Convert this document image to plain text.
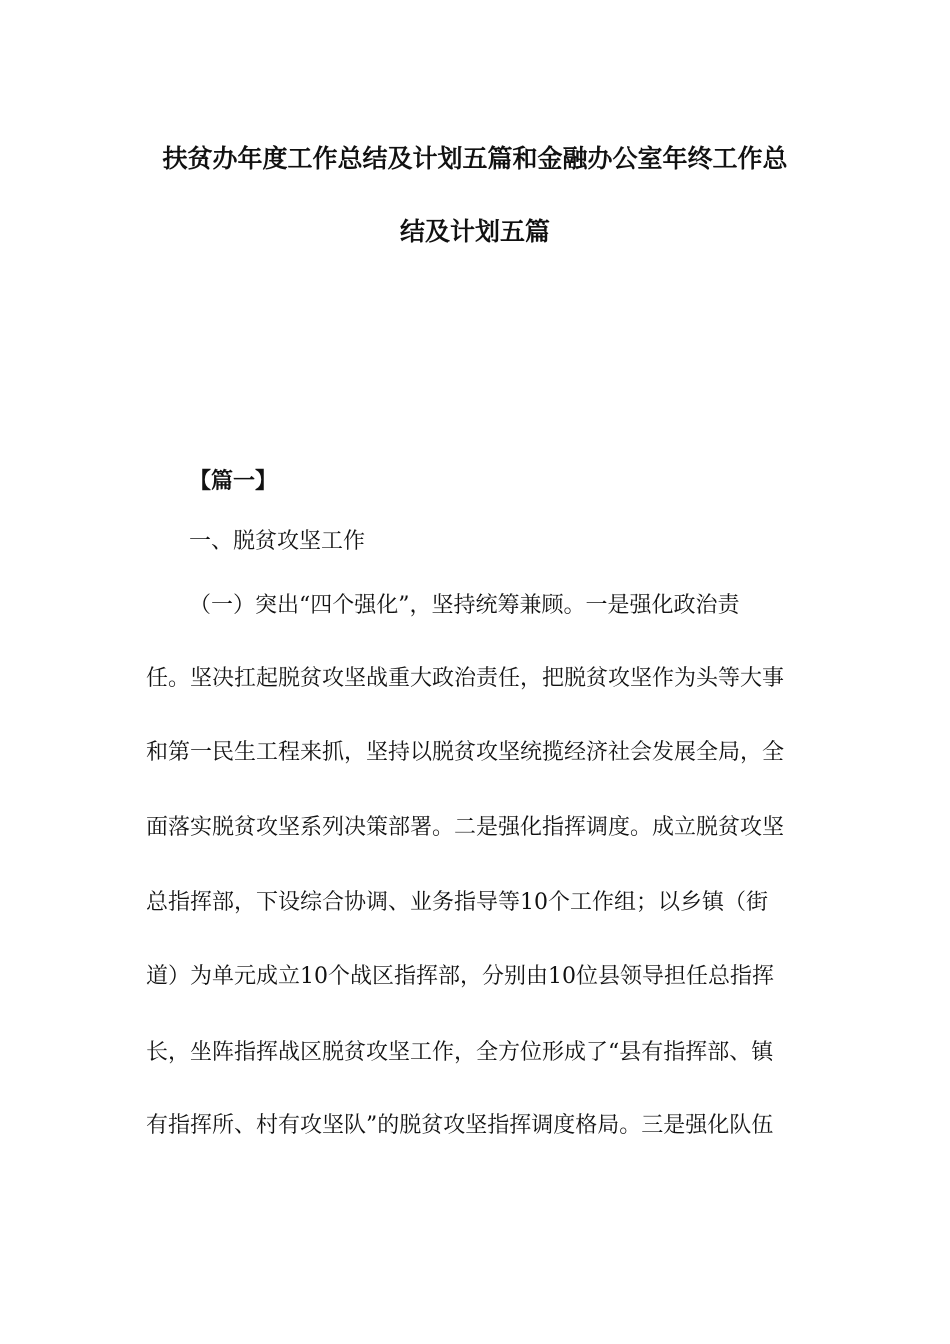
扶贫办年度工作总结及计划五篇和金融办公室年终工作总
结及计划五篇
【篇一】
一、脱贫攻坚工作
（一）突出“四个强化”，坚持统筹兼顾。一是强化政治责
任。坚决扛起脱贫攻坚战重大政治责任，把脱贫攻坚作为头等大事
和第一民生工程来抓，坚持以脱贫攻坚统揽经济社会发展全局，全
面落实脱贫攻坚系列决策部署。二是强化指挥调度。成立脱贫攻坚
总指挥部，下设综合协调、业务指导等10个工作组；以乡镇（街
道）为单元成立10个战区指挥部，分别由10位县领导担任总指挥
长，坐阵指挥战区脱贫攻坚工作，全方位形成了“县有指挥部、镇
有指挥所、村有攻坚队”的脱贫攻坚指挥调度格局。三是强化队伍
